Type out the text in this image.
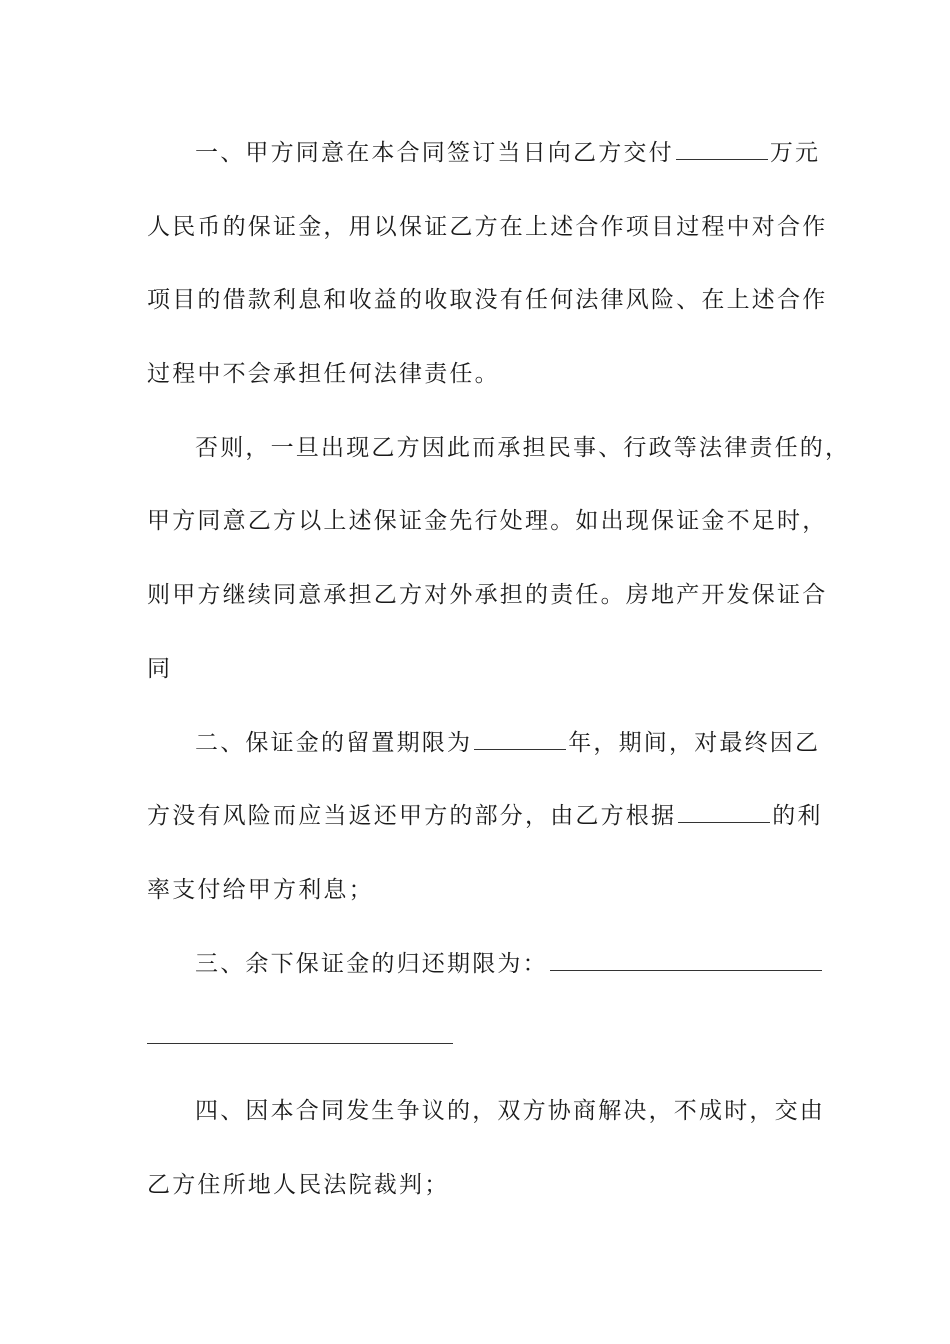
一、甲方同意在本合同签订当日向乙方交付	万元
人民币的保证金，用以保证乙方在上述合作项目过程中对合作
项目的借款利息和收益的收取没有任何法律风险、在上述合作
过程中不会承担任何法律责任。
否则，一旦出现乙方因此而承担民事、行政等法律责任的，
甲方同意乙方以上述保证金先行处理。如出现保证金不足时，
则甲方继续同意承担乙方对外承担的责任。房地产开发保证合
同
二、保证金的留置期限为	年，期间，对最终因乙
方没有风险而应当返还甲方的部分，由乙方根据	的利
率支付给甲方利息；
三、余下保证金的归还期限为：
四、因本合同发生争议的，双方协商解决，不成时，交由
乙方住所地人民法院裁判；
